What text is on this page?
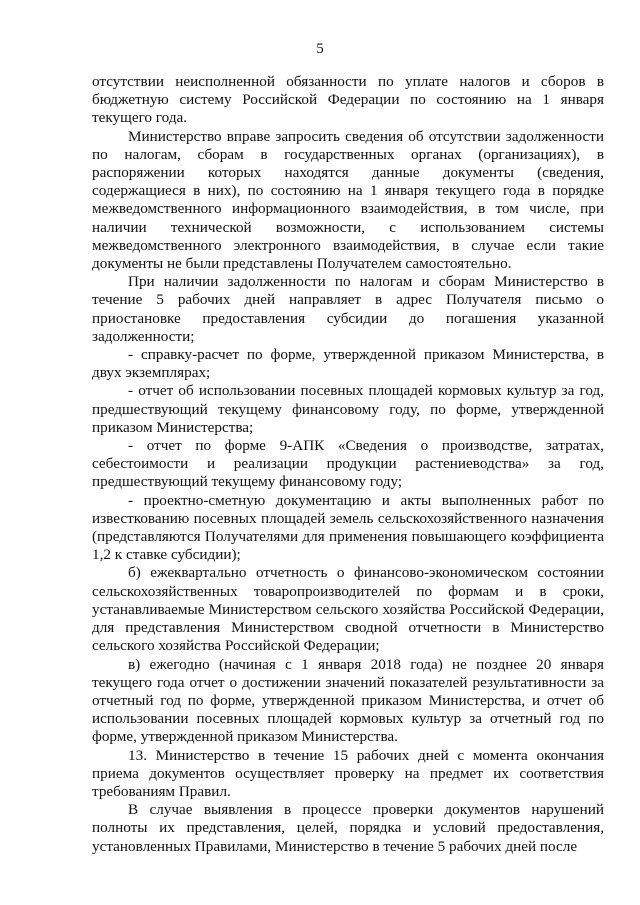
5

отсутствии неисполненной обязанности по уплате налогов и сборов в бюджетную систему Российской Федерации по состоянию на 1 января текущего года.

Министерство вправе запросить сведения об отсутствии задолженности по налогам, сборам в государственных органах (организациях), в распоряжении которых находятся данные документы (сведения, содержащиеся в них), по состоянию на 1 января текущего года в порядке межведомственного информационного взаимодействия, в том числе, при наличии технической возможности, с использованием системы межведомственного электронного взаимодействия, в случае если такие документы не были представлены Получателем самостоятельно.

При наличии задолженности по налогам и сборам Министерство в течение 5 рабочих дней направляет в адрес Получателя письмо о приостановке предоставления субсидии до погашения указанной задолженности;

- справку-расчет по форме, утвержденной приказом Министерства, в двух экземплярах;

- отчет об использовании посевных площадей кормовых культур за год, предшествующий текущему финансовому году, по форме, утвержденной приказом Министерства;

- отчет по форме 9-АПК «Сведения о производстве, затратах, себестоимости и реализации продукции растениеводства» за год, предшествующий текущему финансовому году;

- проектно-сметную документацию и акты выполненных работ по известкованию посевных площадей земель сельскохозяйственного назначения (представляются Получателями для применения повышающего коэффициента 1,2 к ставке субсидии);

б) ежеквартально отчетность о финансово-экономическом состоянии сельскохозяйственных товаропроизводителей по формам и в сроки, устанавливаемые Министерством сельского хозяйства Российской Федерации, для представления Министерством сводной отчетности в Министерство сельского хозяйства Российской Федерации;

в) ежегодно (начиная с 1 января 2018 года) не позднее 20 января текущего года отчет о достижении значений показателей результативности за отчетный год по форме, утвержденной приказом Министерства, и отчет об использовании посевных площадей кормовых культур за отчетный год по форме, утвержденной приказом Министерства.

13. Министерство в течение 15 рабочих дней с момента окончания приема документов осуществляет проверку на предмет их соответствия требованиям Правил.

В случае выявления в процессе проверки документов нарушений полноты их представления, целей, порядка и условий предоставления, установленных Правилами, Министерство в течение 5 рабочих дней после
